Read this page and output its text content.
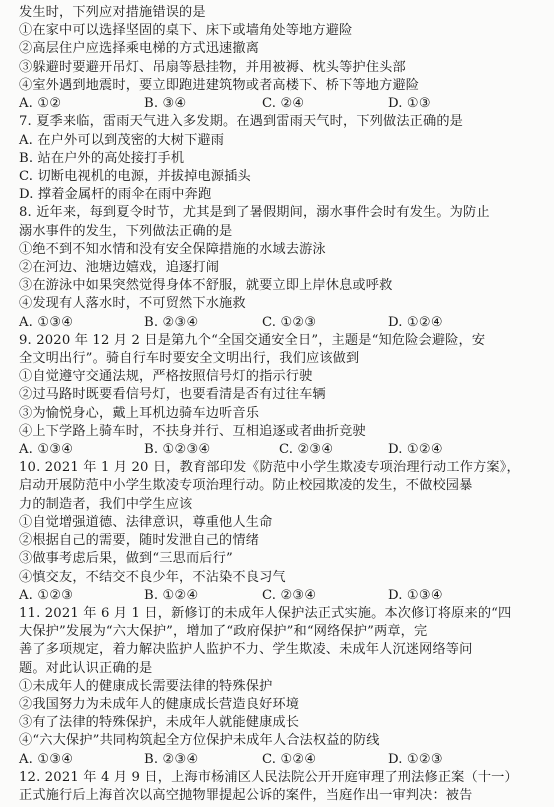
发生时，下列应对措施错误的是
①在家中可以选择坚固的桌下、床下或墙角处等地方避险
②高层住户应选择乘电梯的方式迅速撤离
③躲避时要避开吊灯、吊扇等悬挂物，并用被褥、枕头等护住头部
④室外遇到地震时，要立即跑进建筑物或者高楼下、桥下等地方避险
A. ①②	B. ③④	C. ②④	D. ①③
7. 夏季来临，雷雨天气进入多发期。在遇到雷雨天气时，下列做法正确的是
A. 在户外可以到茂密的大树下避雨
B. 站在户外的高处接打手机
C. 切断电视机的电源，并拔掉电源插头
D. 撑着金属杆的雨伞在雨中奔跑
8. 近年来，每到夏令时节，尤其是到了暑假期间，溺水事件会时有发生。为防止
溺水事件的发生，下列做法正确的是
①绝不到不知水情和没有安全保障措施的水域去游泳
②在河边、池塘边嬉戏，追逐打闹
③在游泳中如果突然觉得身体不舒服，就要立即上岸休息或呼救
④发现有人落水时，不可贸然下水施救
A. ①③④	B. ②③④	C. ①②③	D. ①②④
9. 2020 年 12 月 2 日是第九个“全国交通安全日”，主题是“知危险会避险，安
全文明出行”。骑自行车时要安全文明出行，我们应该做到
①自觉遵守交通法规，严格按照信号灯的指示行驶
②过马路时既要看信号灯，也要看清是否有过往车辆
③为愉悦身心，戴上耳机边骑车边听音乐
④上下学路上骑车时，不扶身并行、互相追逐或者曲折竞驶
A. ①③④	B. ①②③④	C. ②③④	D. ①②④
10. 2021 年 1 月 20 日，教育部印发《防范中小学生欺凌专项治理行动工作方案》，
启动开展防范中小学生欺凌专项治理行动。防止校园欺凌的发生，不做校园暴
力的制造者，我们中学生应该
①自觉增强道德、法律意识，尊重他人生命
②根据自己的需要，随时发泄自己的情绪
③做事考虑后果，做到“三思而后行”
④慎交友，不结交不良少年，不沾染不良习气
A. ①②③	B. ①②④	C. ②③④	D. ①③④
11. 2021 年 6 月 1 日，新修订的未成年人保护法正式实施。本次修订将原来的“四
大保护”发展为“六大保护”，增加了“政府保护”和“网络保护”两章，完
善了多项规定，着力解决监护人监护不力、学生欺凌、未成年人沉迷网络等问
题。对此认识正确的是
①未成年人的健康成长需要法律的特殊保护
②我国努力为未成年人的健康成长营造良好环境
③有了法律的特殊保护，未成年人就能健康成长
④“六大保护”共同构筑起全方位保护未成年人合法权益的防线
A. ①③④	B. ②③④	C. ①②④	D. ①②③
12. 2021 年 4 月 9 日，上海市杨浦区人民法院公开开庭审理了刑法修正案（十一）
正式施行后上海首次以高空抛物罪提起公诉的案件，当庭作出一审判决：被告
